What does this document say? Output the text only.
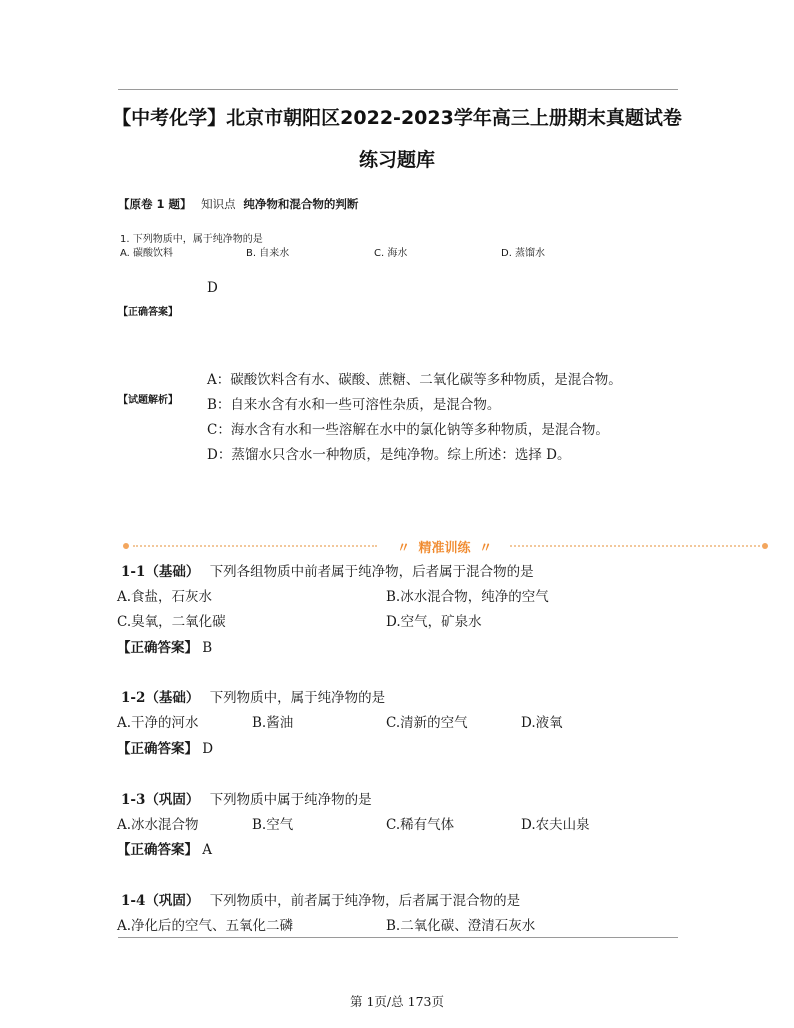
【中考化学】北京市朝阳区2022-2023学年高三上册期末真题试卷
练习题库
【原卷 1 题】 知识点 纯净物和混合物的判断
1. 下列物质中，属于纯净物的是
A. 碳酸饮料	B. 自来水	C. 海水	D. 蒸馏水
D
【正确答案】
【试题解析】
A：碳酸饮料含有水、碳酸、蔗糖、二氧化碳等多种物质，是混合物。
B：自来水含有水和一些可溶性杂质，是混合物。
C：海水含有水和一些溶解在水中的氯化钠等多种物质，是混合物。
D：蒸馏水只含水一种物质，是纯净物。综上所述：选择 D。
〃 精准训练 〃
1-1（基础） 下列各组物质中前者属于纯净物，后者属于混合物的是
A.食盐，石灰水	B.冰水混合物，纯净的空气
C.臭氧，二氧化碳	D.空气，矿泉水
【正确答案】 B
1-2（基础） 下列物质中，属于纯净物的是
A.干净的河水	B.酱油	C.清新的空气	D.液氧
【正确答案】 D
1-3（巩固） 下列物质中属于纯净物的是
A.冰水混合物	B.空气	C.稀有气体	D.农夫山泉
【正确答案】 A
1-4（巩固） 下列物质中，前者属于纯净物，后者属于混合物的是
A.净化后的空气、五氧化二磷	B.二氧化碳、澄清石灰水
第 1页/总 173页
